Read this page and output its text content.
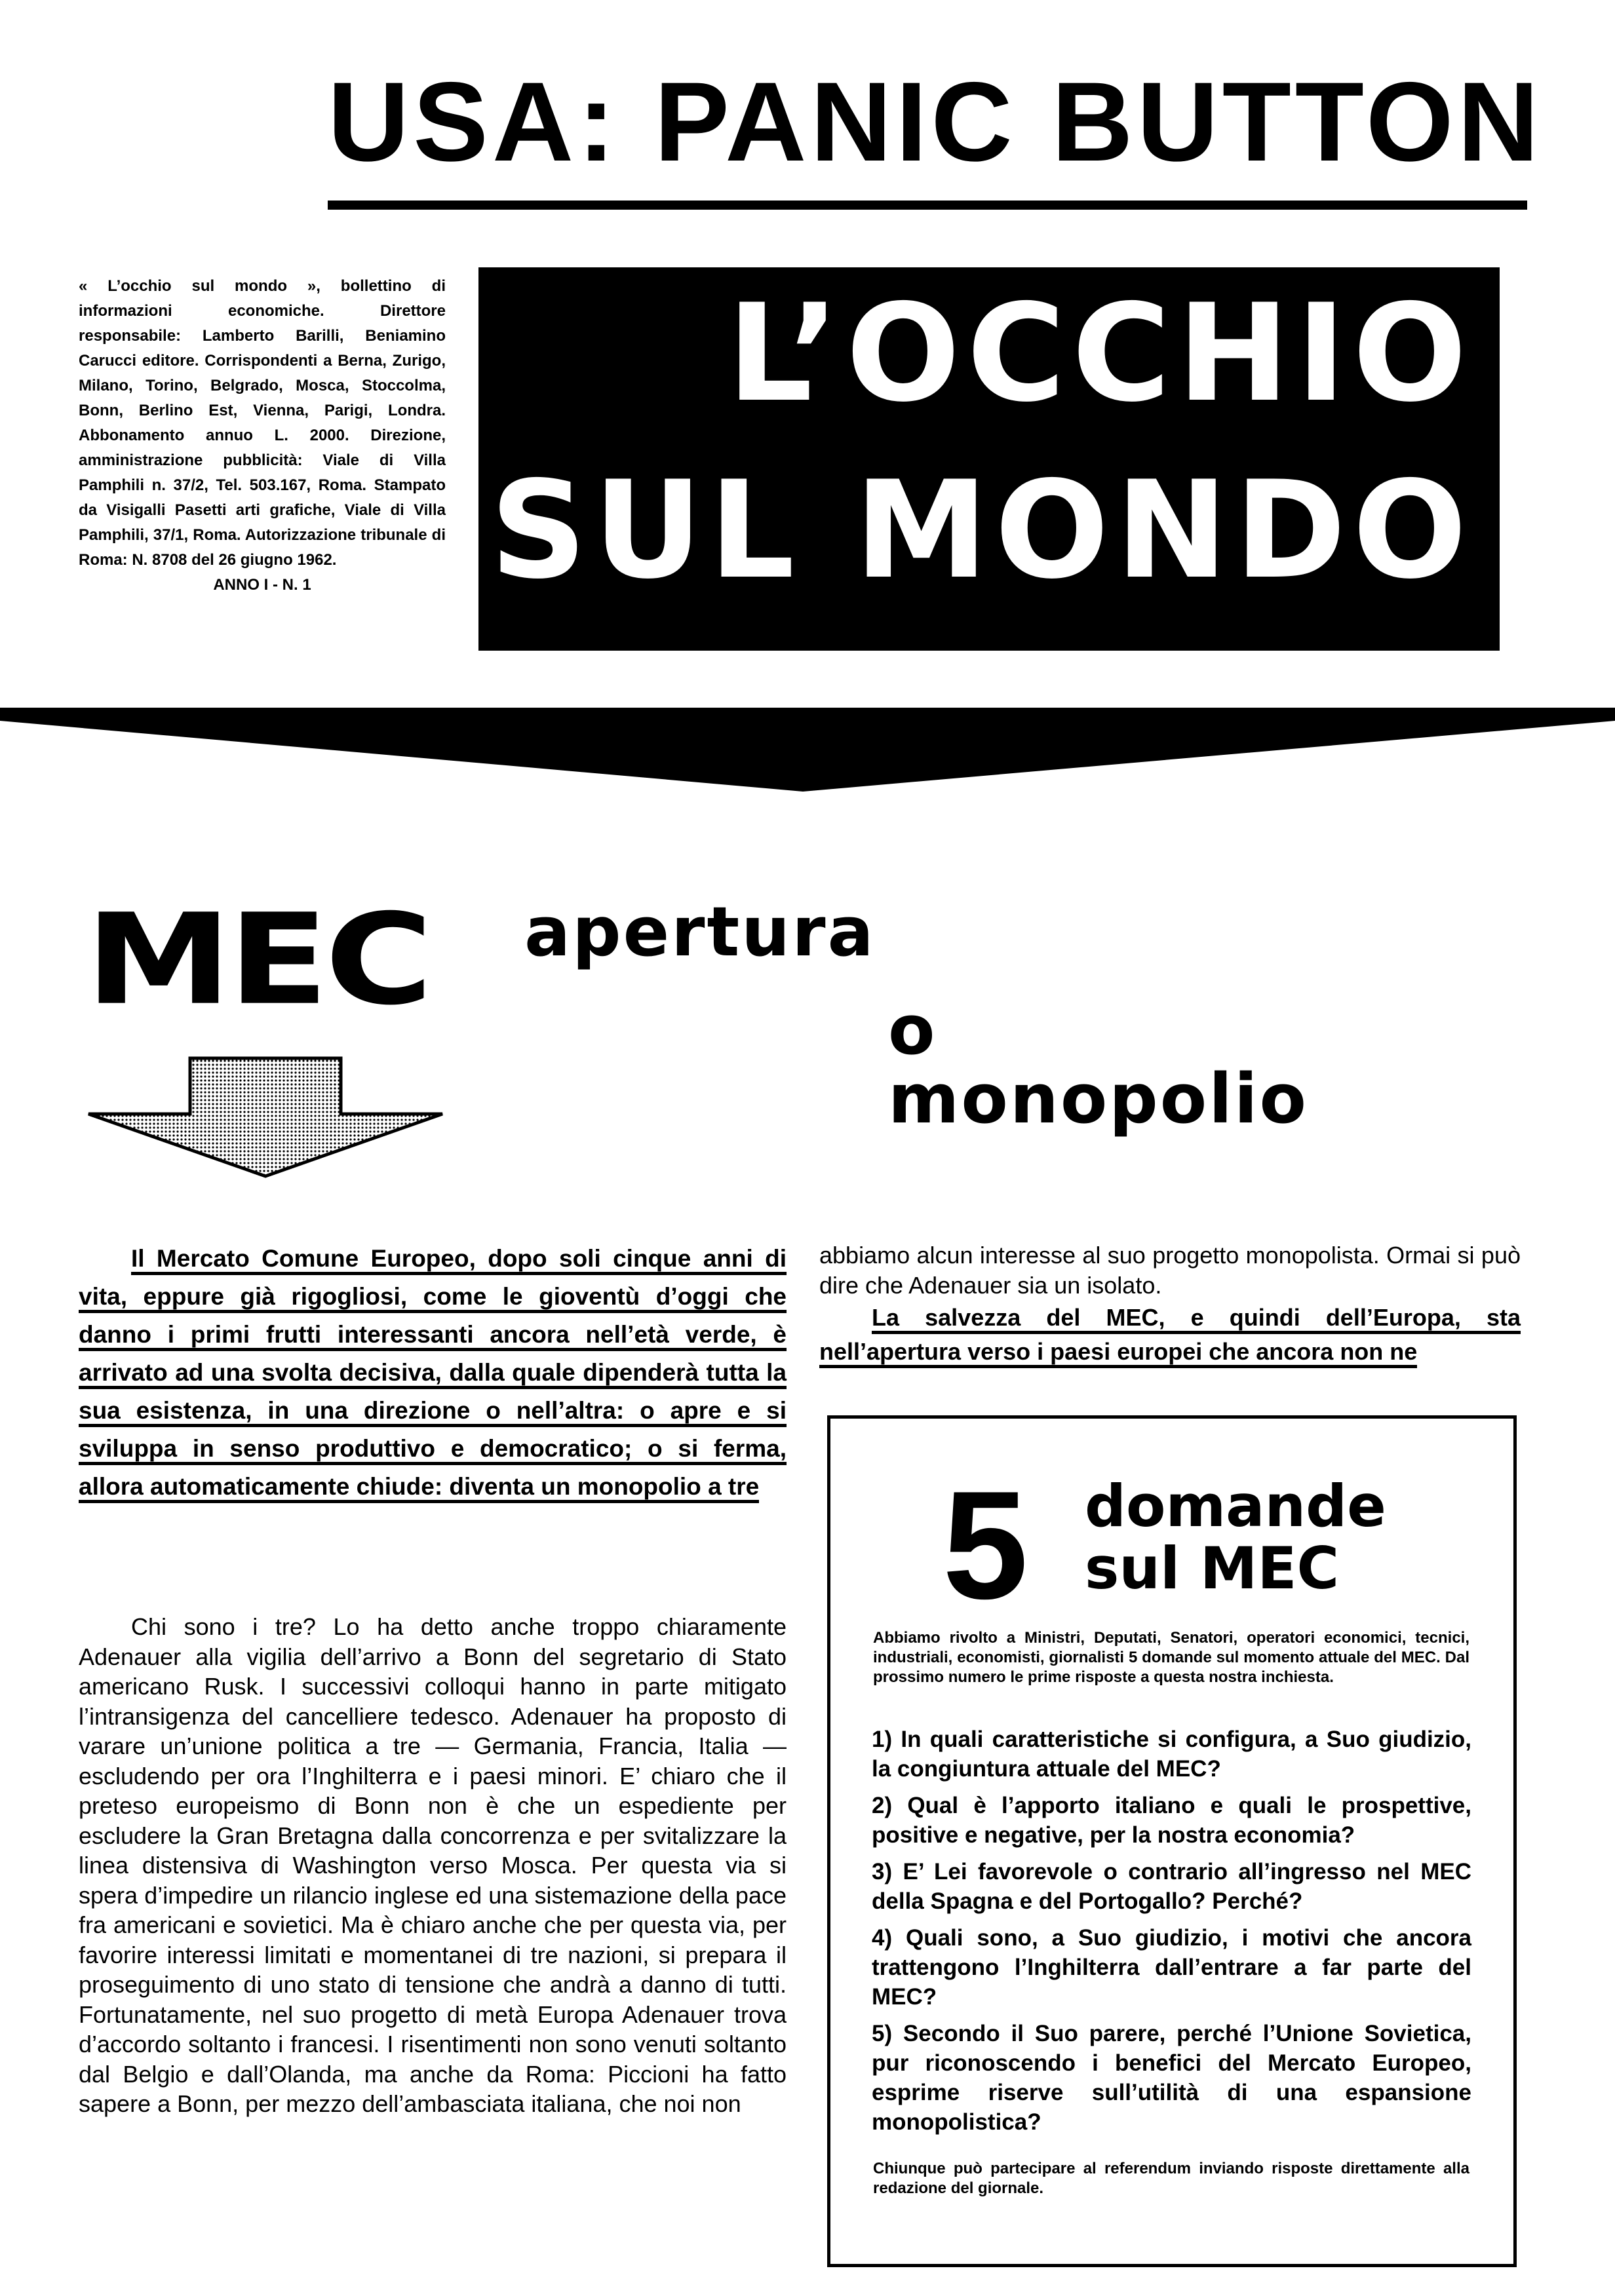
USA: PANIC BUTTON
« L’occhio sul mondo », bollettino di informazioni economiche. Direttore responsabile: Lamberto Barilli, Beniamino Carucci editore. Corrispondenti a Berna, Zurigo, Milano, Torino, Belgrado, Mosca, Stoccolma, Bonn, Berlino Est, Vienna, Parigi, Londra. Abbonamento annuo L. 2000. Direzione, amministrazione pubblicità: Viale di Villa Pamphili n. 37/2, Tel. 503.167, Roma. Stampato da Visigalli Pasetti arti grafiche, Viale di Villa Pamphili, 37/1, Roma. Autorizzazione tribunale di Roma: N. 8708 del 26 giugno 1962.
ANNO I - N. 1
L’OCCHIO
SUL MONDO
MEC apertura
o
monopolio
Il Mercato Comune Europeo, dopo soli cinque anni di vita, eppure già rigogliosi, come le gioventù d’oggi che danno i primi frutti interessanti ancora nell’età verde, è arrivato ad una svolta decisiva, dalla quale dipenderà tutta la sua esistenza, in una direzione o nell’altra: o apre e si sviluppa in senso produttivo e democratico; o si ferma, allora automaticamente chiude: diventa un monopolio a tre
Chi sono i tre? Lo ha detto anche troppo chiaramente Adenauer alla vigilia dell’arrivo a Bonn del segretario di Stato americano Rusk. I successivi colloqui hanno in parte mitigato l’intransigenza del cancelliere tedesco. Adenauer ha proposto di varare un’unione politica a tre — Germania, Francia, Italia — escludendo per ora l’Inghilterra e i paesi minori. E’ chiaro che il preteso europeismo di Bonn non è che un espediente per escludere la Gran Bretagna dalla concorrenza e per svitalizzare la linea distensiva di Washington verso Mosca. Per questa via si spera d’impedire un rilancio inglese ed una sistemazione della pace fra americani e sovietici. Ma è chiaro anche che per questa via, per favorire interessi limitati e momentanei di tre nazioni, si prepara il proseguimento di uno stato di tensione che andrà a danno di tutti. Fortunatamente, nel suo progetto di metà Europa Adenauer trova d’accordo soltanto i francesi. I risentimenti non sono venuti soltanto dal Belgio e dall’Olanda, ma anche da Roma: Piccioni ha fatto sapere a Bonn, per mezzo dell’ambasciata italiana, che noi non
abbiamo alcun interesse al suo progetto monopolista. Ormai si può dire che Adenauer sia un isolato.
La salvezza del MEC, e quindi dell’Europa, sta nell’apertura verso i paesi europei che ancora non ne
5 domande
sul MEC
Abbiamo rivolto a Ministri, Deputati, Senatori, operatori economici, tecnici, industriali, economisti, giornalisti 5 domande sul momento attuale del MEC. Dal prossimo numero le prime risposte a questa nostra inchiesta.
1) In quali caratteristiche si configura, a Suo giudizio, la congiuntura attuale del MEC?
2) Qual è l’apporto italiano e quali le prospettive, positive e negative, per la nostra economia?
3) E’ Lei favorevole o contrario all’ingresso nel MEC della Spagna e del Portogallo? Perché?
4) Quali sono, a Suo giudizio, i motivi che ancora trattengono l’Inghilterra dall’entrare a far parte del MEC?
5) Secondo il Suo parere, perché l’Unione Sovietica, pur riconoscendo i benefici del Mercato Europeo, esprime riserve sull’utilità di una espansione monopolistica?
Chiunque può partecipare al referendum inviando risposte direttamente alla redazione del giornale.
